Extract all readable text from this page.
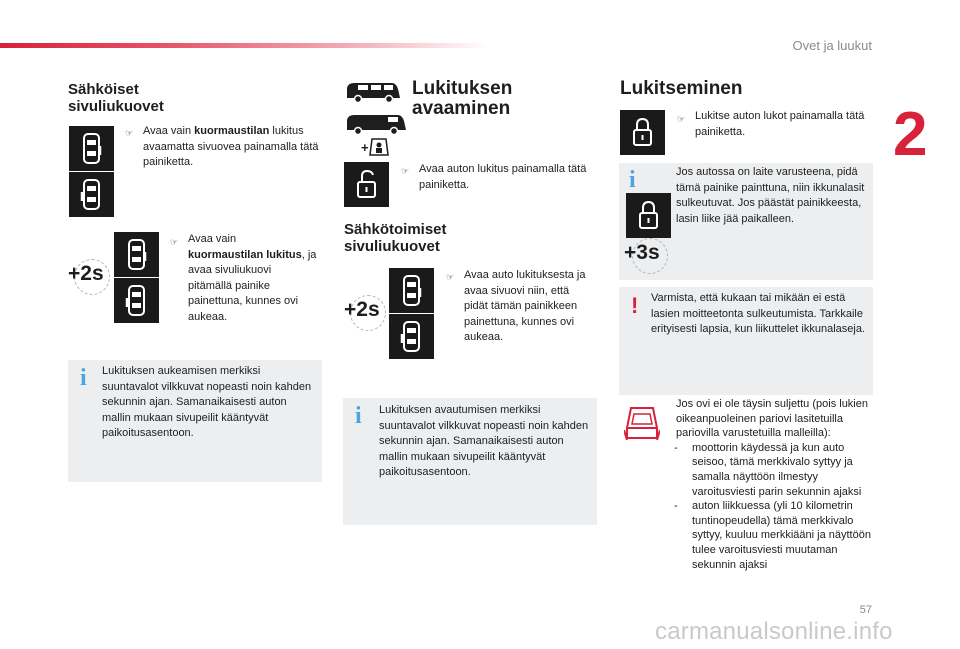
Ovet ja luukut
2
Sähköiset
sivuliukuovet
☞ Avaa vain kuormaustilan lukitus avaamatta sivuovea painamalla tätä painiketta.
+2s
☞ Avaa vain
kuormaustilan lukitus, ja avaa sivuliukuovi pitämällä painike painettuna, kunnes ovi aukeaa.
i Lukituksen aukeamisen merkiksi suuntavalot vilkkuvat nopeasti noin kahden sekunnin ajan. Samanaikaisesti auton mallin mukaan sivupeilit kääntyvät paikoitusasentoon.
+
Lukituksen
avaaminen
☞ Avaa auton lukitus painamalla tätä painiketta.
Sähkötoimiset
sivuliukuovet
+2s
☞ Avaa auto lukituksesta ja avaa sivuovi niin, että pidät tämän painikkeen painettuna, kunnes ovi aukeaa.
i Lukituksen avautumisen merkiksi suuntavalot vilkkuvat nopeasti noin kahden sekunnin ajan. Samanaikaisesti auton mallin mukaan sivupeilit kääntyvät paikoitusasentoon.
Lukitseminen
☞ Lukitse auton lukot painamalla tätä painiketta.
i
+3s
Jos autossa on laite varusteena, pidä tämä painike painttuna, niin ikkunalasit sulkeutuvat. Jos päästät painikkeesta, lasin liike jää paikalleen.
! Varmista, että kukaan tai mikään ei estä lasien moitteetonta sulkeutumista. Tarkkaile erityisesti lapsia, kun liikuttelet ikkunalaseja.
Jos ovi ei ole täysin suljettu (pois lukien oikeanpuoleinen pariovi lasitetuilla pariovilla varustetuilla malleilla):
-	moottorin käydessä ja kun auto seisoo, tämä merkkivalo syttyy ja samalla näyttöön ilmestyy varoitusviesti parin sekunnin ajaksi
-	auton liikkuessa (yli 10 kilometrin tuntinopeudella) tämä merkkivalo syttyy, kuuluu merkkiääni ja näyttöön tulee varoitusviesti muutaman sekunnin ajaksi
57
carmanualsonline.info
